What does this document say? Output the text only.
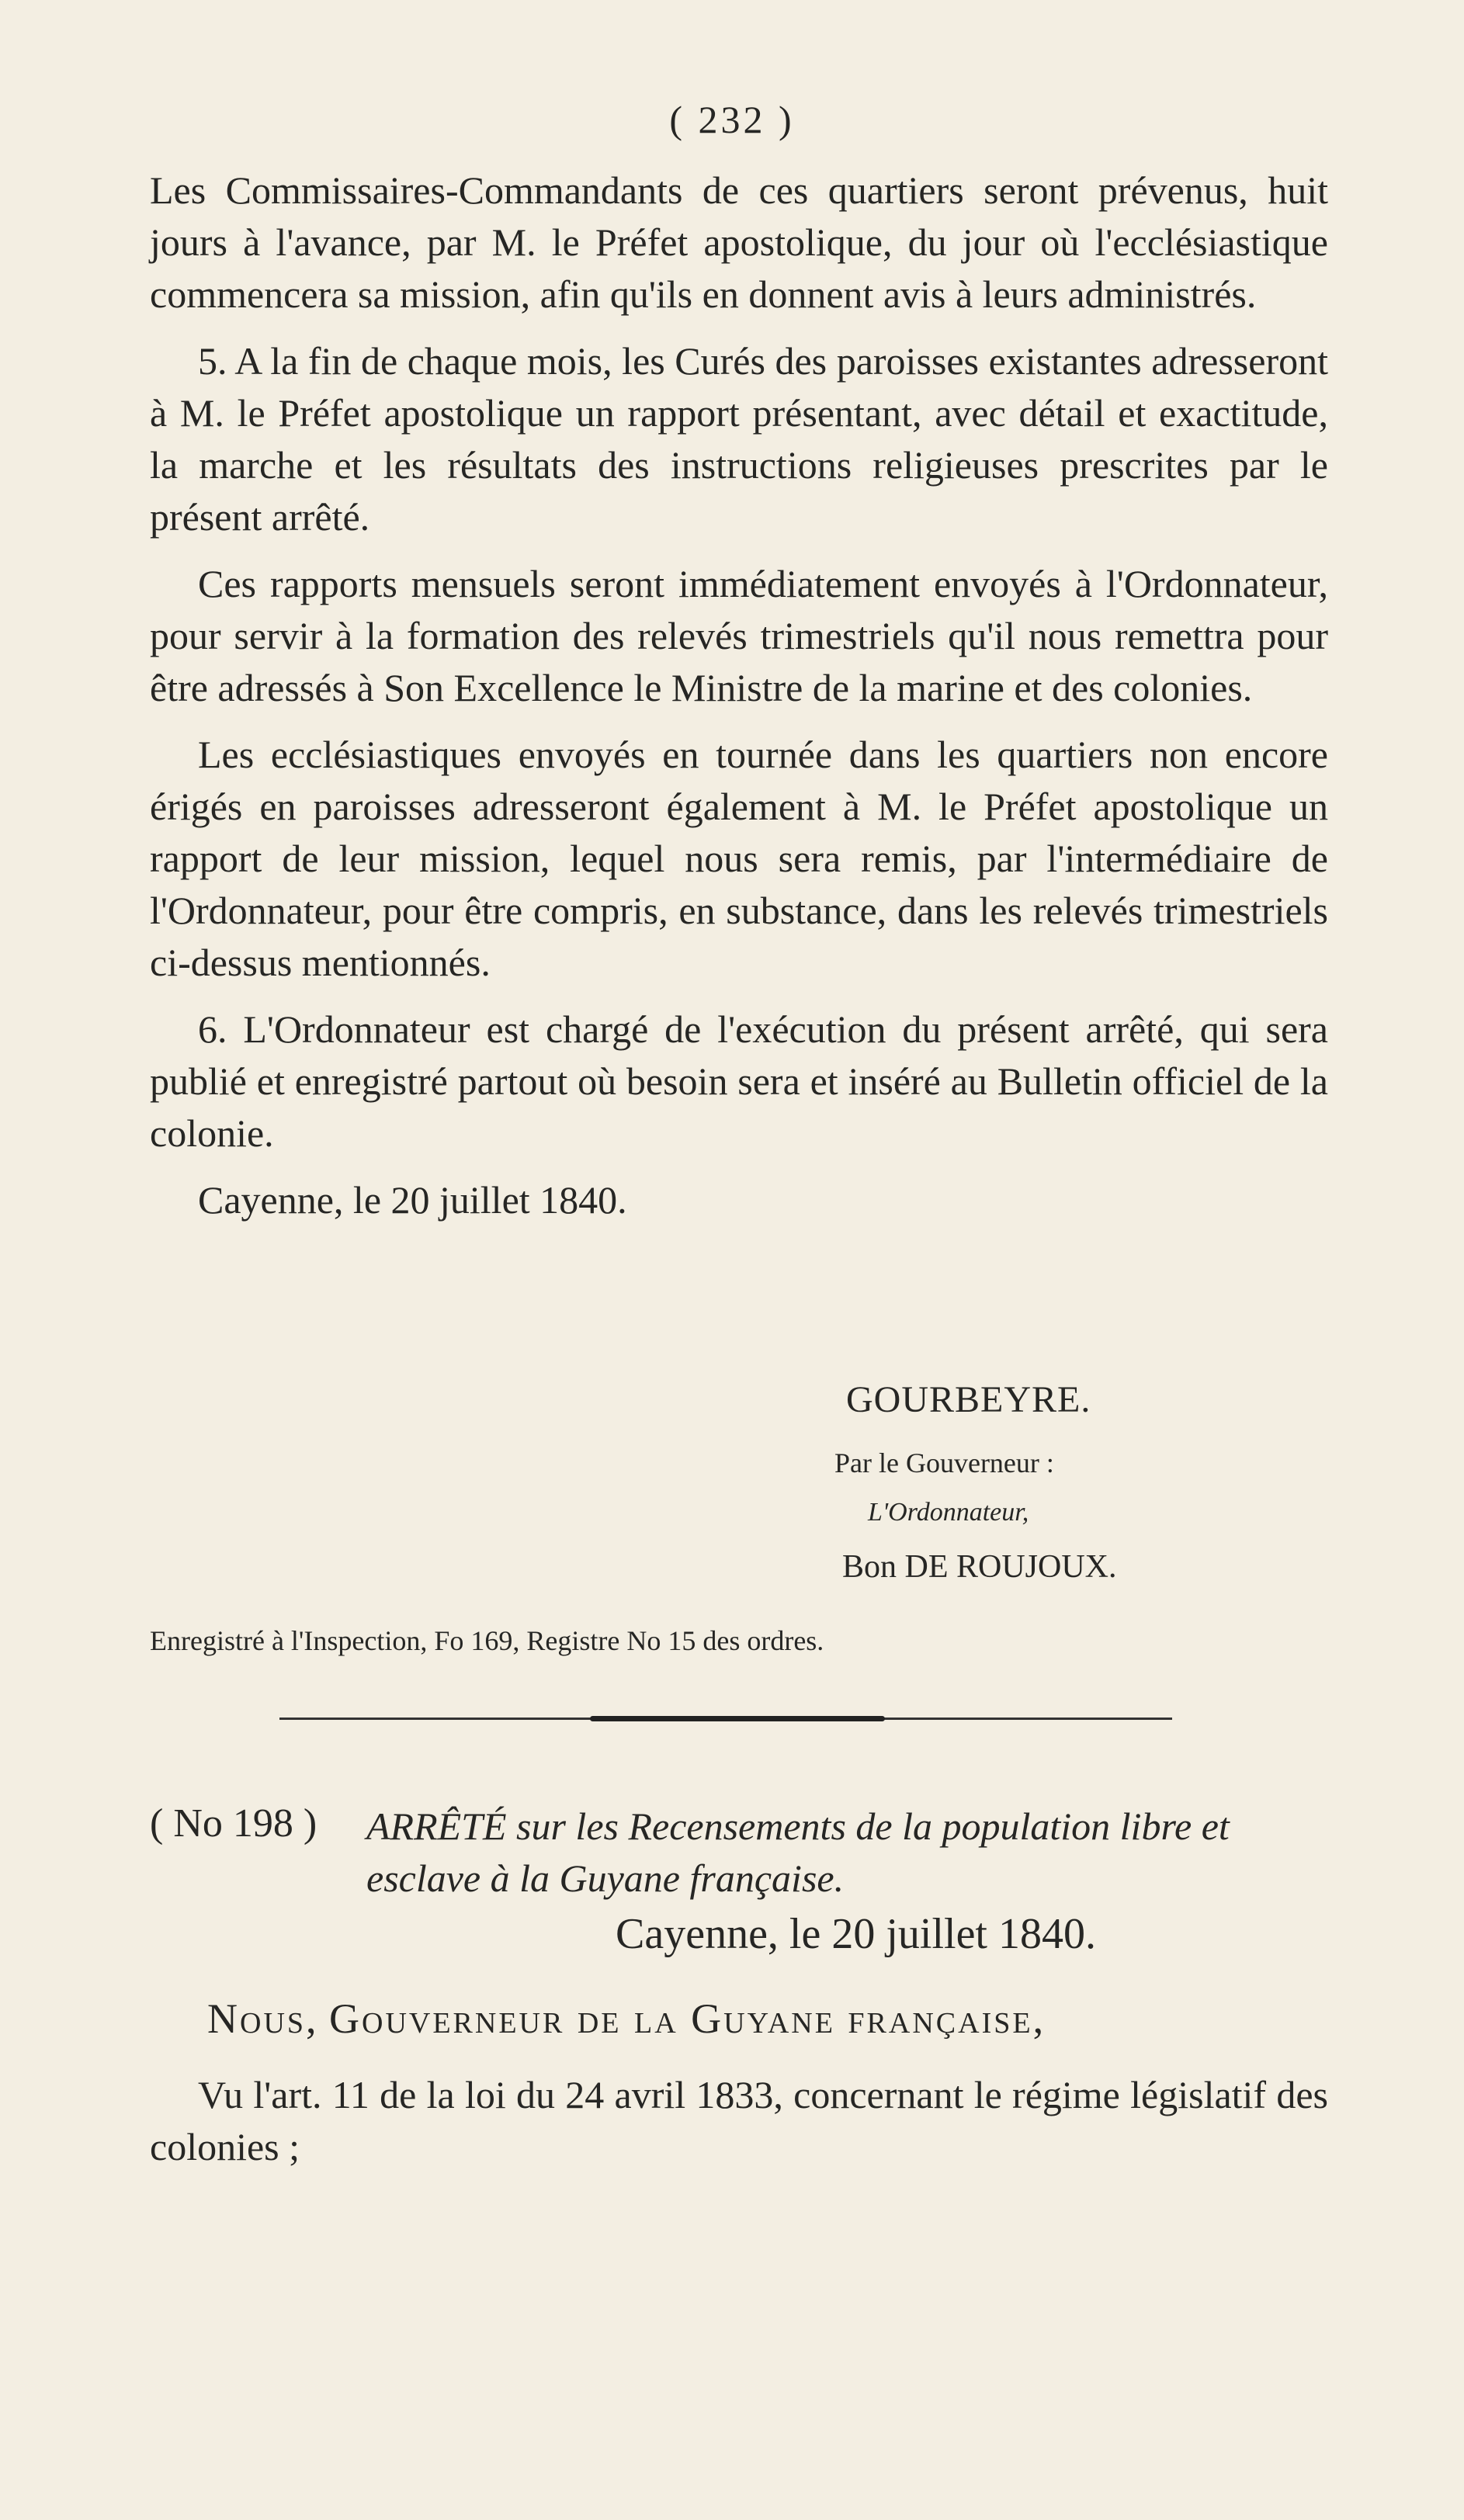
( 232 )

Les Commissaires-Commandants de ces quartiers seront prévenus, huit jours à l'avance, par M. le Préfet apostolique, du jour où l'ecclésiastique commencera sa mission, afin qu'ils en donnent avis à leurs administrés.

5. A la fin de chaque mois, les Curés des paroisses existantes adresseront à M. le Préfet apostolique un rapport présentant, avec détail et exactitude, la marche et les résultats des instructions religieuses prescrites par le présent arrêté.

Ces rapports mensuels seront immédiatement envoyés à l'Ordonnateur, pour servir à la formation des relevés trimestriels qu'il nous remettra pour être adressés à Son Excellence le Ministre de la marine et des colonies.

Les ecclésiastiques envoyés en tournée dans les quartiers non encore érigés en paroisses adresseront également à M. le Préfet apostolique un rapport de leur mission, lequel nous sera remis, par l'intermédiaire de l'Ordonnateur, pour être compris, en substance, dans les relevés trimestriels ci-dessus mentionnés.

6. L'Ordonnateur est chargé de l'exécution du présent arrêté, qui sera publié et enregistré partout où besoin sera et inséré au Bulletin officiel de la colonie.

Cayenne, le 20 juillet 1840.

GOURBEYRE.
Par le Gouverneur :
L'Ordonnateur,
Bon DE ROUJOUX.
Enregistré à l'Inspection, Fo 169, Registre No 15 des ordres.
( No 198 ) ARRÊTÉ sur les Recensements de la population libre et esclave à la Guyane française.
Cayenne, le 20 juillet 1840.
Nous, Gouverneur de la Guyane française,

Vu l'art. 11 de la loi du 24 avril 1833, concernant le régime législatif des colonies ;
